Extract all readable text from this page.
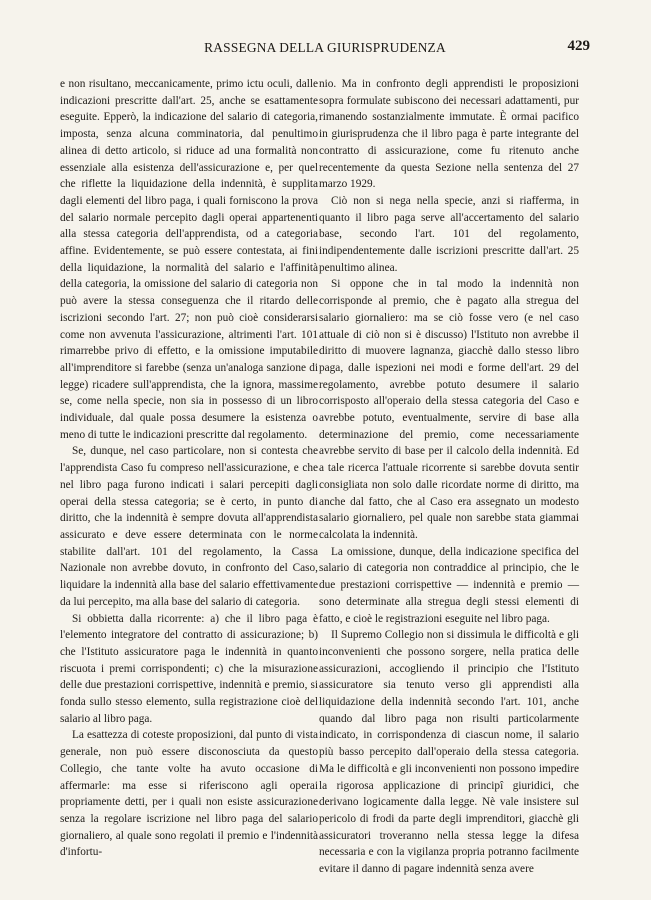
RASSEGNA DELLA GIURISPRUDENZA	429

e non risultano, meccanicamente, primo ictu oculi, dalle indicazioni prescritte dall'art. 25, anche se esattamente eseguite. Epperò, la indicazione del salario di categoria, imposta, senza alcuna comminatoria, dal penultimo alinea di detto articolo, si riduce ad una formalità non essenziale alla esistenza dell'assicurazione e, per quel che riflette la liquidazione della indennità, è supplita dagli elementi del libro paga, i quali forniscono la prova del salario normale percepito dagli operai appartenenti alla stessa categoria dell'apprendista, od a categoria affine. Evidentemente, se può essere contestata, ai fini della liquidazione, la normalità del salario e l'affinità della categoria, la omissione del salario di categoria non può avere la stessa conseguenza che il ritardo delle iscrizioni secondo l'art. 27; non può cioè considerarsi come non avvenuta l'assicurazione, altrimenti l'art. 101 rimarrebbe privo di effetto, e la omissione imputabile all'imprenditore si farebbe (senza un'analoga sanzione di legge) ricadere sull'apprendista, che la ignora, massime se, come nella specie, non sia in possesso di un libro individuale, dal quale possa desumere la esistenza o meno di tutte le indicazioni prescritte dal regolamento.

Se, dunque, nel caso particolare, non si contesta che l'apprendista Caso fu compreso nell'assicurazione, e che nel libro paga furono indicati i salari percepiti dagli operai della stessa categoria; se è certo, in punto di diritto, che la indennità è sempre dovuta all'apprendista assicurato e deve essere determinata con le norme stabilite dall'art. 101 del regolamento, la Cassa Nazionale non avrebbe dovuto, in confronto del Caso, liquidare la indennità alla base del salario effettivamente da lui percepito, ma alla base del salario di categoria.

Si obbietta dalla ricorrente: a) che il libro paga è l'elemento integratore del contratto di assicurazione; b) che l'Istituto assicuratore paga le indennità in quanto riscuota i premi corrispondenti; c) che la misurazione delle due prestazioni corrispettive, indennità e premio, si fonda sullo stesso elemento, sulla registrazione cioè del salario al libro paga.

La esattezza di coteste proposizioni, dal punto di vista generale, non può essere disconosciuta da questo Collegio, che tante volte ha avuto occasione di affermarle: ma esse si riferiscono agli operai propriamente detti, per i quali non esiste assicurazione senza la regolare iscrizione nel libro paga del salario giornaliero, al quale sono regolati il premio e l'indennità d'infortu-

nio. Ma in confronto degli apprendisti le proposizioni sopra formulate subiscono dei necessari adattamenti, pur rimanendo sostanzialmente immutate. È ormai pacifico in giurisprudenza che il libro paga è parte integrante del contratto di assicurazione, come fu ritenuto anche recentemente da questa Sezione nella sentenza del 27 marzo 1929.

Ciò non si nega nella specie, anzi si riafferma, in quanto il libro paga serve all'accertamento del salario base, secondo l'art. 101 del regolamento, indipendentemente dalle iscrizioni prescritte dall'art. 25 penultimo alinea.

Si oppone che in tal modo la indennità non corrisponde al premio, che è pagato alla stregua del salario giornaliero: ma se ciò fosse vero (e nel caso attuale di ciò non si è discusso) l'Istituto non avrebbe il diritto di muovere lagnanza, giacchè dallo stesso libro paga, dalle ispezioni nei modi e forme dell'art. 29 del regolamento, avrebbe potuto desumere il salario corrisposto all'operaio della stessa categoria del Caso e avrebbe potuto, eventualmente, servire di base alla determinazione del premio, come necessariamente avrebbe servito di base per il calcolo della indennità. Ed a tale ricerca l'attuale ricorrente si sarebbe dovuta sentir consigliata non solo dalle ricordate norme di diritto, ma anche dal fatto, che al Caso era assegnato un modesto salario giornaliero, pel quale non sarebbe stata giammai calcolata la indennità.

La omissione, dunque, della indicazione specifica del salario di categoria non contraddice al principio, che le due prestazioni corrispettive — indennità e premio — sono determinate alla stregua degli stessi elementi di fatto, e cioè le registrazioni eseguite nel libro paga.

Il Supremo Collegio non si dissimula le difficoltà e gli inconvenienti che possono sorgere, nella pratica delle assicurazioni, accogliendo il principio che l'Istituto assicuratore sia tenuto verso gli apprendisti alla liquidazione della indennità secondo l'art. 101, anche quando dal libro paga non risulti particolarmente indicato, in corrispondenza di ciascun nome, il salario più basso percepito dall'operaio della stessa categoria. Ma le difficoltà e gli inconvenienti non possono impedire la rigorosa applicazione di principî giuridici, che derivano logicamente dalla legge. Nè vale insistere sul pericolo di frodi da parte degli imprenditori, giacchè gli assicuratori troveranno nella stessa legge la difesa necessaria e con la vigilanza propria potranno facilmente evitare il danno di pagare indennità senza avere
